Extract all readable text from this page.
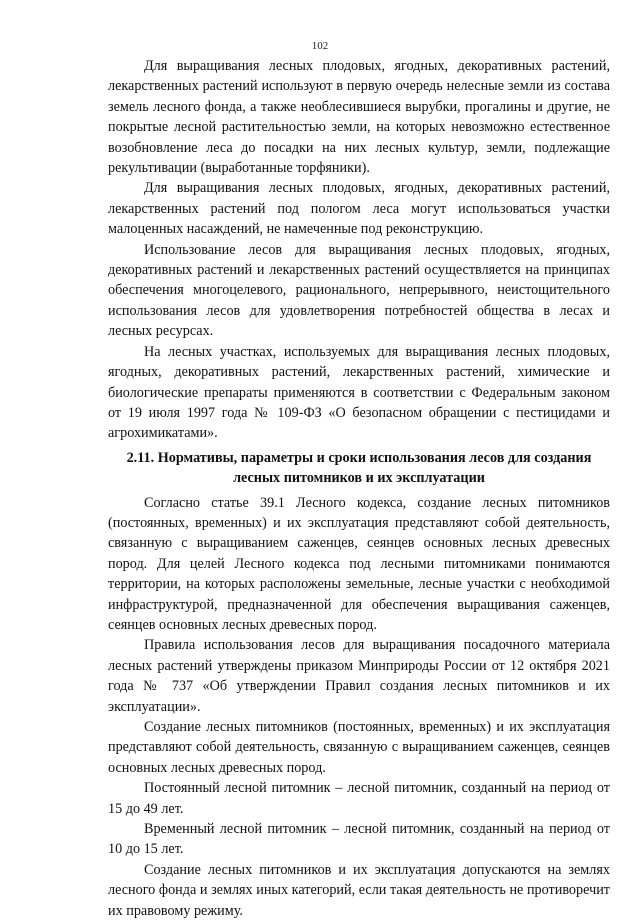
102

Для выращивания лесных плодовых, ягодных, декоративных растений, лекарственных растений используют в первую очередь нелесные земли из состава земель лесного фонда, а также необлесившиеся вырубки, прогалины и другие, не покрытые лесной растительностью земли, на которых невозможно естественное возобновление леса до посадки на них лесных культур, земли, подлежащие рекультивации (выработанные торфяники).

Для выращивания лесных плодовых, ягодных, декоративных растений, лекарственных растений под пологом леса могут использоваться участки малоценных насаждений, не намеченные под реконструкцию.

Использование лесов для выращивания лесных плодовых, ягодных, декоративных растений и лекарственных растений осуществляется на принципах обеспечения многоцелевого, рационального, непрерывного, неистощительного использования лесов для удовлетворения потребностей общества в лесах и лесных ресурсах.

На лесных участках, используемых для выращивания лесных плодовых, ягодных, декоративных растений, лекарственных растений, химические и биологические препараты применяются в соответствии с Федеральным законом от 19 июля 1997 года № 109-ФЗ «О безопасном обращении с пестицидами и агрохимикатами».

2.11. Нормативы, параметры и сроки использования лесов для создания лесных питомников и их эксплуатации

Согласно статье 39.1 Лесного кодекса, создание лесных питомников (постоянных, временных) и их эксплуатация представляют собой деятельность, связанную с выращиванием саженцев, сеянцев основных лесных древесных пород. Для целей Лесного кодекса под лесными питомниками понимаются территории, на которых расположены земельные, лесные участки с необходимой инфраструктурой, предназначенной для обеспечения выращивания саженцев, сеянцев основных лесных древесных пород.

Правила использования лесов для выращивания посадочного материала лесных растений утверждены приказом Минприроды России от 12 октября 2021 года № 737 «Об утверждении Правил создания лесных питомников и их эксплуатации».

Создание лесных питомников (постоянных, временных) и их эксплуатация представляют собой деятельность, связанную с выращиванием саженцев, сеянцев основных лесных древесных пород.

Постоянный лесной питомник – лесной питомник, созданный на период от 15 до 49 лет.

Временный лесной питомник – лесной питомник, созданный на период от 10 до 15 лет.

Создание лесных питомников и их эксплуатация допускаются на землях лесного фонда и землях иных категорий, если такая деятельность не противоречит их правовому режиму.
